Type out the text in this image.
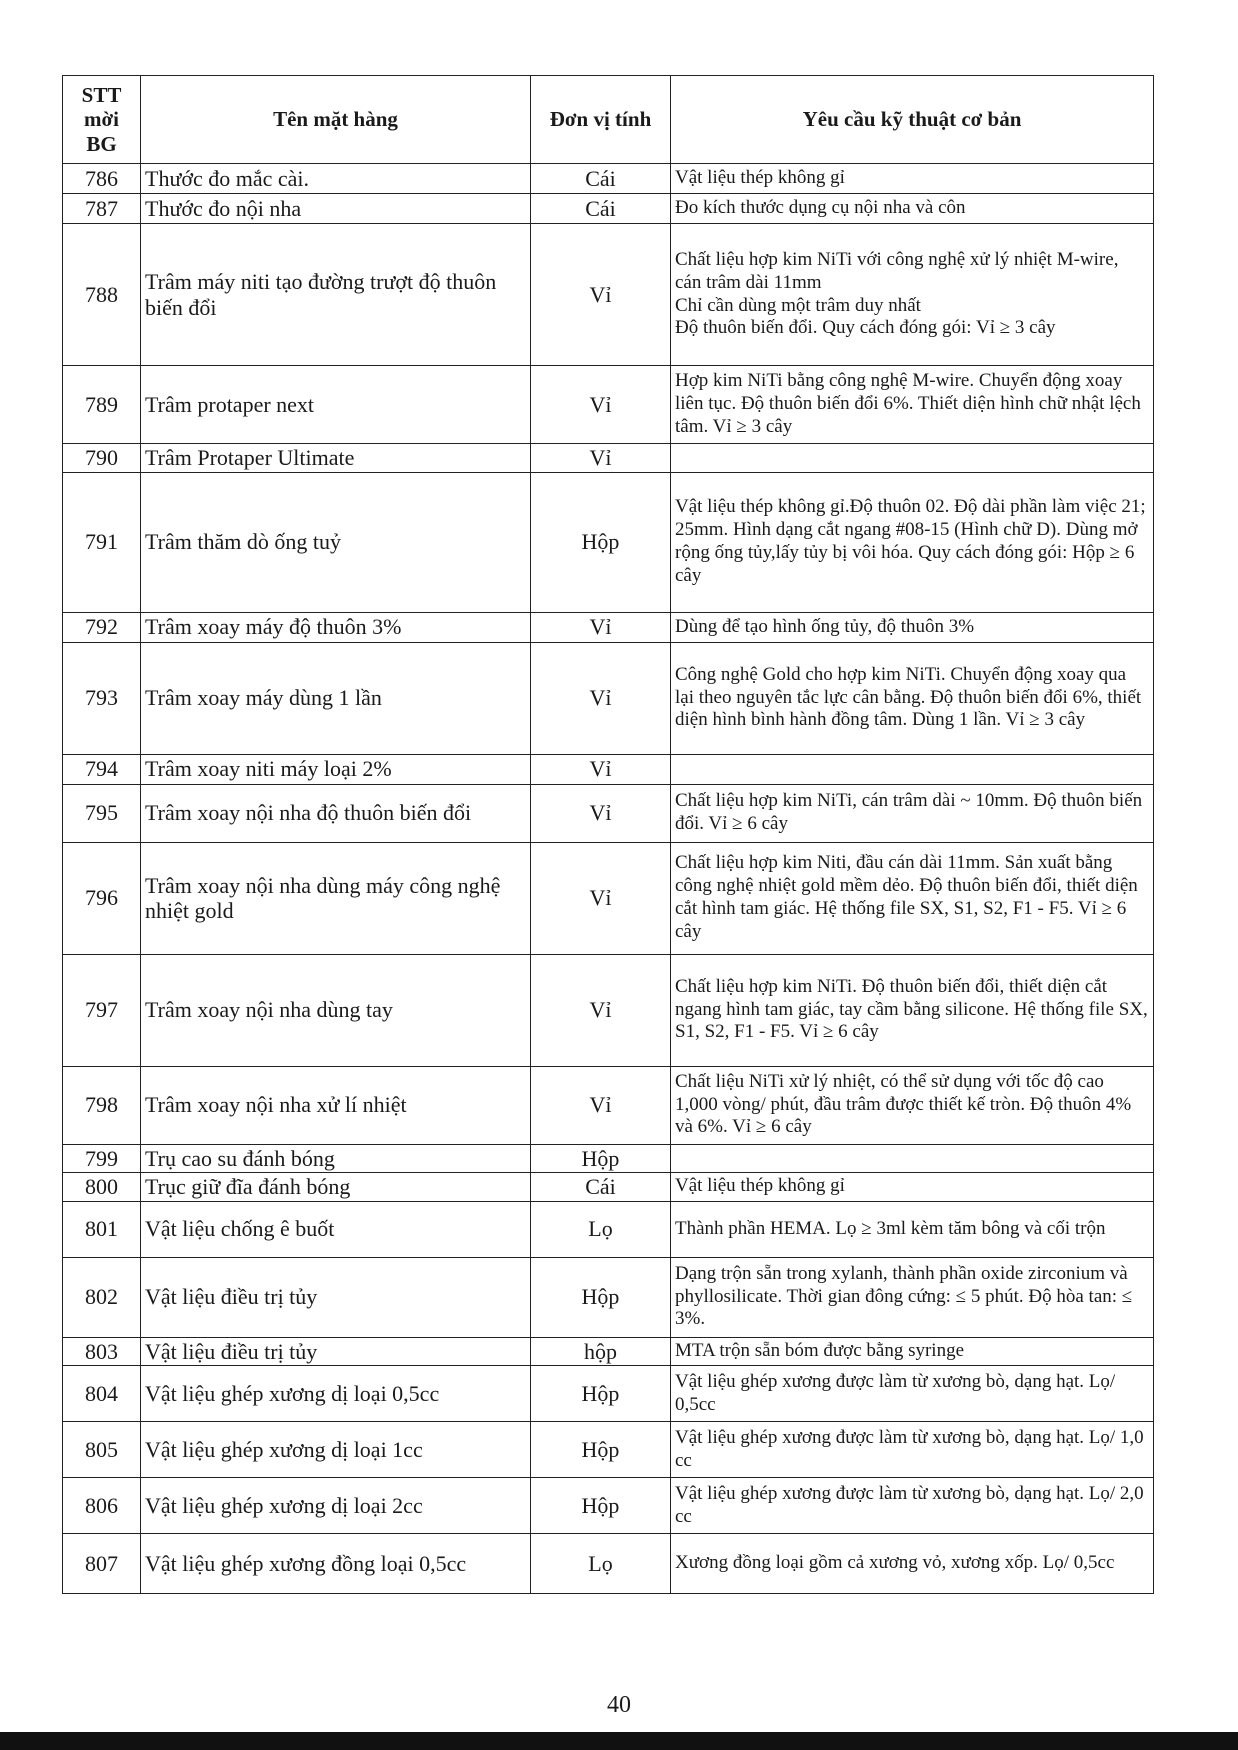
STT mời BG	Tên mặt hàng	Đơn vị tính	Yêu cầu kỹ thuật cơ bản
786	Thước đo mắc cài.	Cái	Vật liệu thép không gỉ
787	Thước đo nội nha	Cái	Đo kích thước dụng cụ nội nha và côn
788	Trâm máy niti tạo đường trượt độ thuôn biến đổi	Vỉ	Chất liệu hợp kim NiTi với công nghệ xử lý nhiệt M-wire, cán trâm dài 11mm
Chỉ cần dùng một trâm duy nhất
Độ thuôn biến đổi. Quy cách đóng gói: Vỉ ≥ 3 cây
789	Trâm protaper next	Vỉ	Hợp kim NiTi bằng công nghệ M-wire. Chuyển động xoay liên tục. Độ thuôn biến đổi 6%. Thiết diện hình chữ nhật lệch tâm. Vỉ ≥ 3 cây
790	Trâm Protaper Ultimate	Vỉ	
791	Trâm thăm dò ống tuỷ	Hộp	Vật liệu thép không gỉ.Độ thuôn 02. Độ dài phần làm việc 21; 25mm. Hình dạng cắt ngang #08-15 (Hình chữ D). Dùng mở rộng ống tủy,lấy tủy bị vôi hóa. Quy cách đóng gói: Hộp ≥ 6 cây
792	Trâm xoay máy độ thuôn 3%	Vỉ	Dùng để tạo hình ống tủy, độ thuôn 3%
793	Trâm xoay máy dùng 1 lần	Vỉ	Công nghệ Gold cho hợp kim NiTi. Chuyển động xoay qua lại theo nguyên tắc lực cân bằng. Độ thuôn biến đổi 6%, thiết diện hình bình hành đồng tâm. Dùng 1 lần. Vỉ ≥ 3 cây
794	Trâm xoay niti máy loại 2%	Vỉ	
795	Trâm xoay nội nha độ thuôn biến đổi	Vỉ	Chất liệu hợp kim NiTi, cán trâm dài ~ 10mm. Độ thuôn biến đổi. Vỉ ≥ 6 cây
796	Trâm xoay nội nha dùng máy công nghệ nhiệt gold	Vỉ	Chất liệu hợp kim Niti, đầu cán dài 11mm. Sản xuất bằng công nghệ nhiệt gold mềm dẻo. Độ thuôn biến đổi, thiết diện cắt hình tam giác. Hệ thống file SX, S1, S2, F1 - F5. Vỉ ≥ 6 cây
797	Trâm xoay nội nha dùng tay	Vỉ	Chất liệu hợp kim NiTi. Độ thuôn biến đổi, thiết diện cắt ngang hình tam giác, tay cầm bằng silicone. Hệ thống file SX, S1, S2, F1 - F5. Vỉ ≥ 6 cây
798	Trâm xoay nội nha xử lí nhiệt	Vỉ	Chất liệu NiTi xử lý nhiệt, có thể sử dụng với tốc độ cao 1,000 vòng/ phút, đầu trâm được thiết kế tròn. Độ thuôn 4% và 6%. Vỉ ≥ 6 cây
799	Trụ cao su đánh bóng	Hộp	
800	Trục giữ đĩa đánh bóng	Cái	Vật liệu thép không gỉ
801	Vật liệu chống ê buốt	Lọ	Thành phần HEMA. Lọ ≥ 3ml kèm tăm bông và cối trộn
802	Vật liệu điều trị tủy	Hộp	Dạng trộn sẵn trong xylanh, thành phần oxide zirconium và phyllosilicate. Thời gian đông cứng: ≤ 5 phút. Độ hòa tan: ≤ 3%.
803	Vật liệu điều trị tủy	hộp	MTA trộn sẵn bóm được bằng syringe
804	Vật liệu ghép xương dị loại 0,5cc	Hộp	Vật liệu ghép xương được làm từ xương bò, dạng hạt. Lọ/ 0,5cc
805	Vật liệu ghép xương dị loại 1cc	Hộp	Vật liệu ghép xương được làm từ xương bò, dạng hạt. Lọ/ 1,0 cc
806	Vật liệu ghép xương dị loại 2cc	Hộp	Vật liệu ghép xương được làm từ xương bò, dạng hạt. Lọ/ 2,0 cc
807	Vật liệu ghép xương đồng loại 0,5cc	Lọ	Xương đồng loại gồm cả xương vỏ, xương xốp. Lọ/ 0,5cc
40
